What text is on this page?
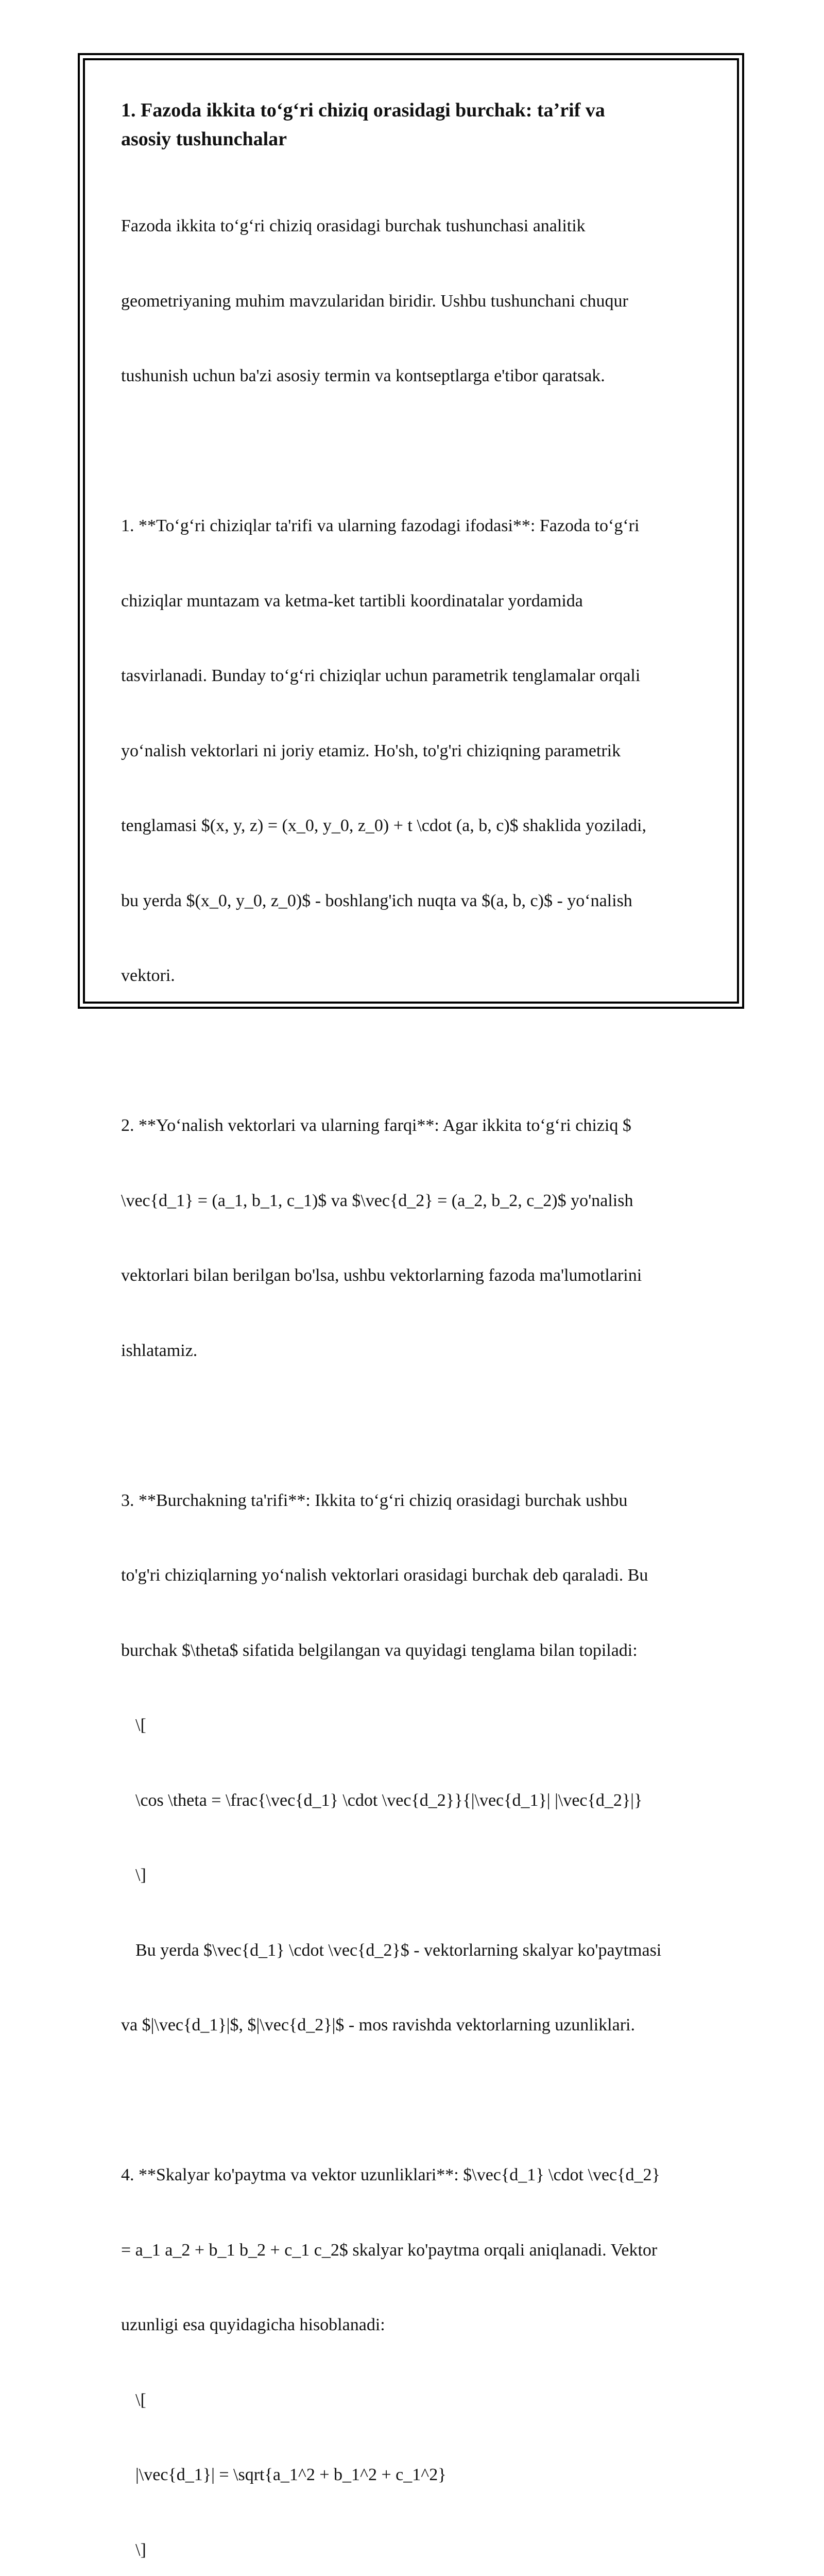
1. Fazoda ikkita to‘g‘ri chiziq orasidagi burchak: ta’rif va
asosiy tushunchalar

Fazoda ikkita to‘g‘ri chiziq orasidagi burchak tushunchasi analitik

geometriyaning muhim mavzularidan biridir. Ushbu tushunchani chuqur

tushunish uchun ba'zi asosiy termin va kontseptlarga e'tibor qaratsak.

1. **To‘g‘ri chiziqlar ta'rifi va ularning fazodagi ifodasi**: Fazoda to‘g‘ri

chiziqlar muntazam va ketma-ket tartibli koordinatalar yordamida

tasvirlanadi. Bunday to‘g‘ri chiziqlar uchun parametrik tenglamalar orqali

yo‘nalish vektorlari ni joriy etamiz. Ho'sh, to'g'ri chiziqning parametrik

tenglamasi $(x, y, z) = (x_0, y_0, z_0) + t \cdot (a, b, c)$ shaklida yoziladi,

bu yerda $(x_0, y_0, z_0)$ - boshlang'ich nuqta va $(a, b, c)$ - yo‘nalish

vektori.

2. **Yo‘nalish vektorlari va ularning farqi**: Agar ikkita to‘g‘ri chiziq $

\vec{d_1} = (a_1, b_1, c_1)$ va $\vec{d_2} = (a_2, b_2, c_2)$ yo'nalish

vektorlari bilan berilgan bo'lsa, ushbu vektorlarning fazoda ma'lumotlarini

ishlatamiz.

3. **Burchakning ta'rifi**: Ikkita to‘g‘ri chiziq orasidagi burchak ushbu

to'g'ri chiziqlarning yo‘nalish vektorlari orasidagi burchak deb qaraladi. Bu

burchak $\theta$ sifatida belgilangan va quyidagi tenglama bilan topiladi:

\[

\cos \theta = \frac{\vec{d_1} \cdot \vec{d_2}}{|\vec{d_1}| |\vec{d_2}|}

\]

Bu yerda $\vec{d_1} \cdot \vec{d_2}$ - vektorlarning skalyar ko'paytmasi

va $|\vec{d_1}|$, $|\vec{d_2}|$ - mos ravishda vektorlarning uzunliklari.

4. **Skalyar ko'paytma va vektor uzunliklari**: $\vec{d_1} \cdot \vec{d_2}

= a_1 a_2 + b_1 b_2 + c_1 c_2$ skalyar ko'paytma orqali aniqlanadi. Vektor

uzunligi esa quyidagicha hisoblanadi:

\[

|\vec{d_1}| = \sqrt{a_1^2 + b_1^2 + c_1^2}

\]
